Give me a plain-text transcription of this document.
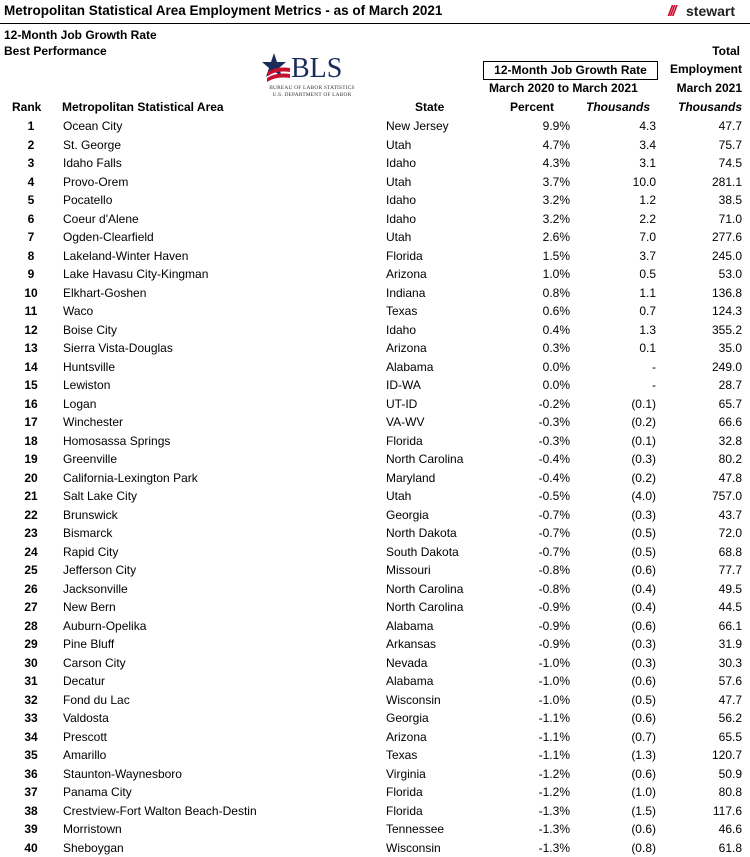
Metropolitan Statistical Area Employment Metrics - as of March 2021	/// stewart
12-Month Job Growth Rate
Best Performance
BLS
BUREAU OF LABOR STATISTICS
U.S. DEPARTMENT OF LABOR
12-Month Job Growth Rate
Total
Employment
March 2020 to March 2021	March 2021
Rank Metropolitan Statistical Area	State	Percent	Thousands Thousands
1	Ocean City	New Jersey	9.9%	4.3	47.7
2	St. George	Utah	4.7%	3.4	75.7
3	Idaho Falls	Idaho	4.3%	3.1	74.5
4	Provo-Orem	Utah	3.7%	10.0	281.1
5	Pocatello	Idaho	3.2%	1.2	38.5
6	Coeur d'Alene	Idaho	3.2%	2.2	71.0
7	Ogden-Clearfield	Utah	2.6%	7.0	277.6
8	Lakeland-Winter Haven	Florida	1.5%	3.7	245.0
9	Lake Havasu City-Kingman	Arizona	1.0%	0.5	53.0
10	Elkhart-Goshen	Indiana	0.8%	1.1	136.8
11	Waco	Texas	0.6%	0.7	124.3
12	Boise City	Idaho	0.4%	1.3	355.2
13	Sierra Vista-Douglas	Arizona	0.3%	0.1	35.0
14	Huntsville	Alabama	0.0%	-	249.0
15	Lewiston	ID-WA	0.0%	-	28.7
16	Logan	UT-ID	-0.2%	(0.1)	65.7
17	Winchester	VA-WV	-0.3%	(0.2)	66.6
18	Homosassa Springs	Florida	-0.3%	(0.1)	32.8
19	Greenville	North Carolina	-0.4%	(0.3)	80.2
20	California-Lexington Park	Maryland	-0.4%	(0.2)	47.8
21	Salt Lake City	Utah	-0.5%	(4.0)	757.0
22	Brunswick	Georgia	-0.7%	(0.3)	43.7
23	Bismarck	North Dakota	-0.7%	(0.5)	72.0
24	Rapid City	South Dakota	-0.7%	(0.5)	68.8
25	Jefferson City	Missouri	-0.8%	(0.6)	77.7
26	Jacksonville	North Carolina	-0.8%	(0.4)	49.5
27	New Bern	North Carolina	-0.9%	(0.4)	44.5
28	Auburn-Opelika	Alabama	-0.9%	(0.6)	66.1
29	Pine Bluff	Arkansas	-0.9%	(0.3)	31.9
30	Carson City	Nevada	-1.0%	(0.3)	30.3
31	Decatur	Alabama	-1.0%	(0.6)	57.6
32	Fond du Lac	Wisconsin	-1.0%	(0.5)	47.7
33	Valdosta	Georgia	-1.1%	(0.6)	56.2
34	Prescott	Arizona	-1.1%	(0.7)	65.5
35	Amarillo	Texas	-1.1%	(1.3)	120.7
36	Staunton-Waynesboro	Virginia	-1.2%	(0.6)	50.9
37	Panama City	Florida	-1.2%	(1.0)	80.8
38	Crestview-Fort Walton Beach-Destin	Florida	-1.3%	(1.5)	117.6
39	Morristown	Tennessee	-1.3%	(0.6)	46.6
40	Sheboygan	Wisconsin	-1.3%	(0.8)	61.8
